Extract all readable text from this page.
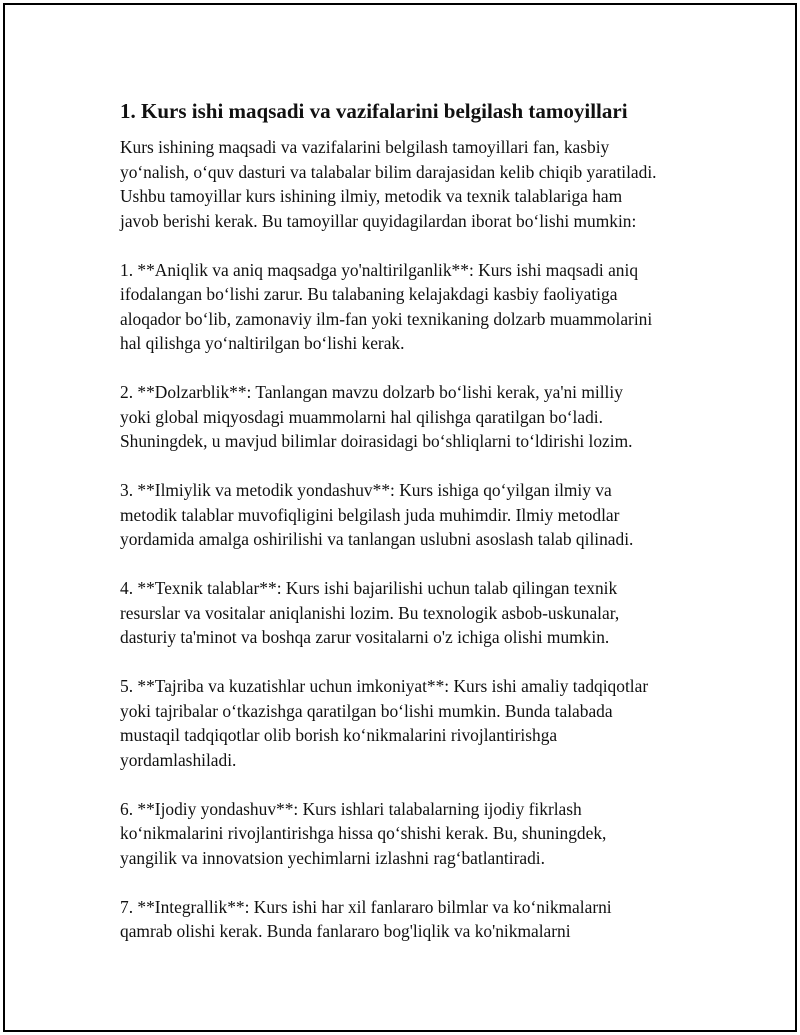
1. Kurs ishi maqsadi va vazifalarini belgilash tamoyillari
Kurs ishining maqsadi va vazifalarini belgilash tamoyillari fan, kasbiy
yo‘nalish, o‘quv dasturi va talabalar bilim darajasidan kelib chiqib yaratiladi.
Ushbu tamoyillar kurs ishining ilmiy, metodik va texnik talablariga ham
javob berishi kerak. Bu tamoyillar quyidagilardan iborat bo‘lishi mumkin:
1. **Aniqlik va aniq maqsadga yo'naltirilganlik**: Kurs ishi maqsadi aniq
ifodalangan bo‘lishi zarur. Bu talabaning kelajakdagi kasbiy faoliyatiga
aloqador bo‘lib, zamonaviy ilm-fan yoki texnikaning dolzarb muammolarini
hal qilishga yo‘naltirilgan bo‘lishi kerak.
2. **Dolzarblik**: Tanlangan mavzu dolzarb bo‘lishi kerak, ya'ni milliy
yoki global miqyosdagi muammolarni hal qilishga qaratilgan bo‘ladi.
Shuningdek, u mavjud bilimlar doirasidagi bo‘shliqlarni to‘ldirishi lozim.
3. **Ilmiylik va metodik yondashuv**: Kurs ishiga qo‘yilgan ilmiy va
metodik talablar muvofiqligini belgilash juda muhimdir. Ilmiy metodlar
yordamida amalga oshirilishi va tanlangan uslubni asoslash talab qilinadi.
4. **Texnik talablar**: Kurs ishi bajarilishi uchun talab qilingan texnik
resurslar va vositalar aniqlanishi lozim. Bu texnologik asbob-uskunalar,
dasturiy ta'minot va boshqa zarur vositalarni o'z ichiga olishi mumkin.
5. **Tajriba va kuzatishlar uchun imkoniyat**: Kurs ishi amaliy tadqiqotlar
yoki tajribalar o‘tkazishga qaratilgan bo‘lishi mumkin. Bunda talabada
mustaqil tadqiqotlar olib borish ko‘nikmalarini rivojlantirishga
yordamlashiladi.
6. **Ijodiy yondashuv**: Kurs ishlari talabalarning ijodiy fikrlash
ko‘nikmalarini rivojlantirishga hissa qo‘shishi kerak. Bu, shuningdek,
yangilik va innovatsion yechimlarni izlashni rag‘batlantiradi.
7. **Integrallik**: Kurs ishi har xil fanlararo bilmlar va ko‘nikmalarni
qamrab olishi kerak. Bunda fanlararo bog'liqlik va ko'nikmalarni
